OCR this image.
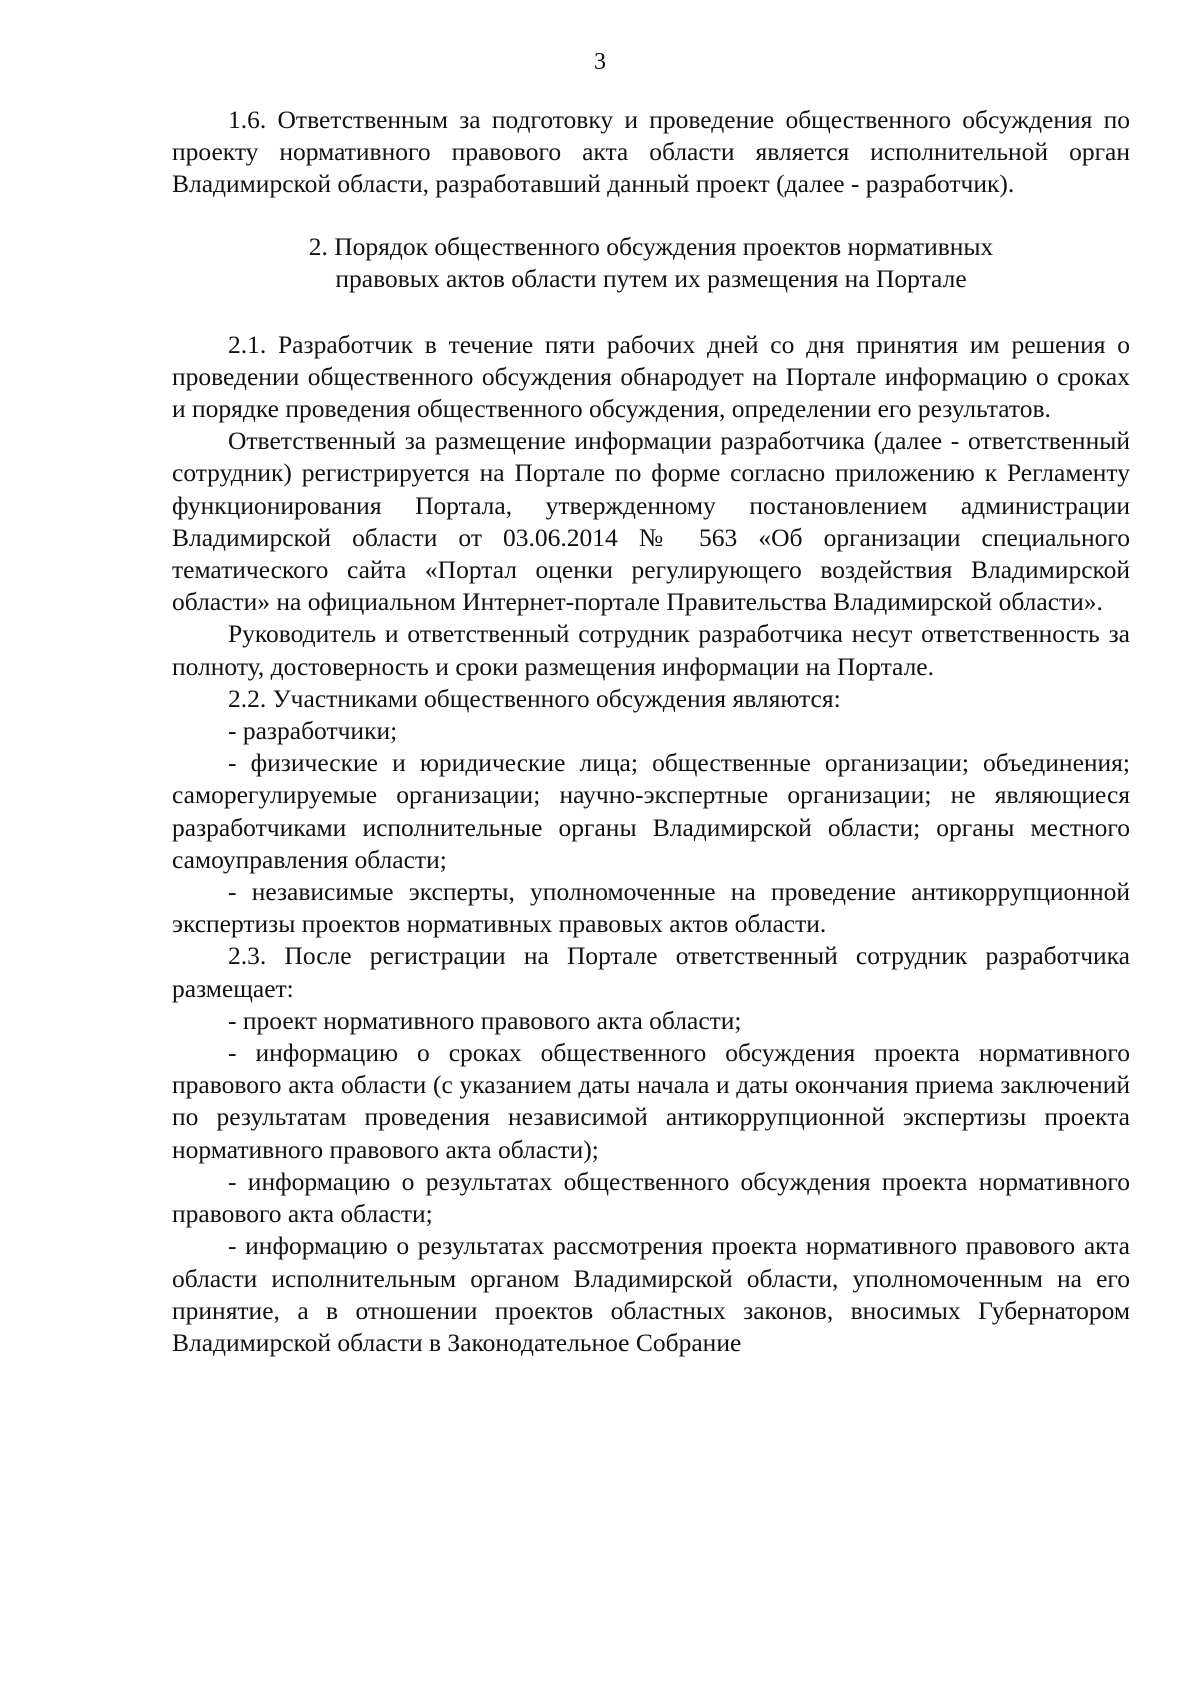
3

1.6. Ответственным за подготовку и проведение общественного обсуждения по проекту нормативного правового акта области является исполнительной орган Владимирской области, разработавший данный проект (далее - разработчик).

2. Порядок общественного обсуждения проектов нормативных
правовых актов области путем их размещения на Портале

2.1. Разработчик в течение пяти рабочих дней со дня принятия им решения о проведении общественного обсуждения обнародует на Портале информацию о сроках и порядке проведения общественного обсуждения, определении его результатов.

Ответственный за размещение информации разработчика (далее - ответственный сотрудник) регистрируется на Портале по форме согласно приложению к Регламенту функционирования Портала, утвержденному постановлением администрации Владимирской области от 03.06.2014 № 563 «Об организации специального тематического сайта «Портал оценки регулирующего воздействия Владимирской области» на официальном Интернет-портале Правительства Владимирской области».

Руководитель и ответственный сотрудник разработчика несут ответственность за полноту, достоверность и сроки размещения информации на Портале.

2.2. Участниками общественного обсуждения являются:

- разработчики;

- физические и юридические лица; общественные организации; объединения; саморегулируемые организации; научно-экспертные организации; не являющиеся разработчиками исполнительные органы Владимирской области; органы местного самоуправления области;

- независимые эксперты, уполномоченные на проведение антикоррупционной экспертизы проектов нормативных правовых актов области.

2.3. После регистрации на Портале ответственный сотрудник разработчика размещает:

- проект нормативного правового акта области;

- информацию о сроках общественного обсуждения проекта нормативного правового акта области (с указанием даты начала и даты окончания приема заключений по результатам проведения независимой антикоррупционной экспертизы проекта нормативного правового акта области);

- информацию о результатах общественного обсуждения проекта нормативного правового акта области;

- информацию о результатах рассмотрения проекта нормативного правового акта области исполнительным органом Владимирской области, уполномоченным на его принятие, а в отношении проектов областных законов, вносимых Губернатором Владимирской области в Законодательное Собрание
